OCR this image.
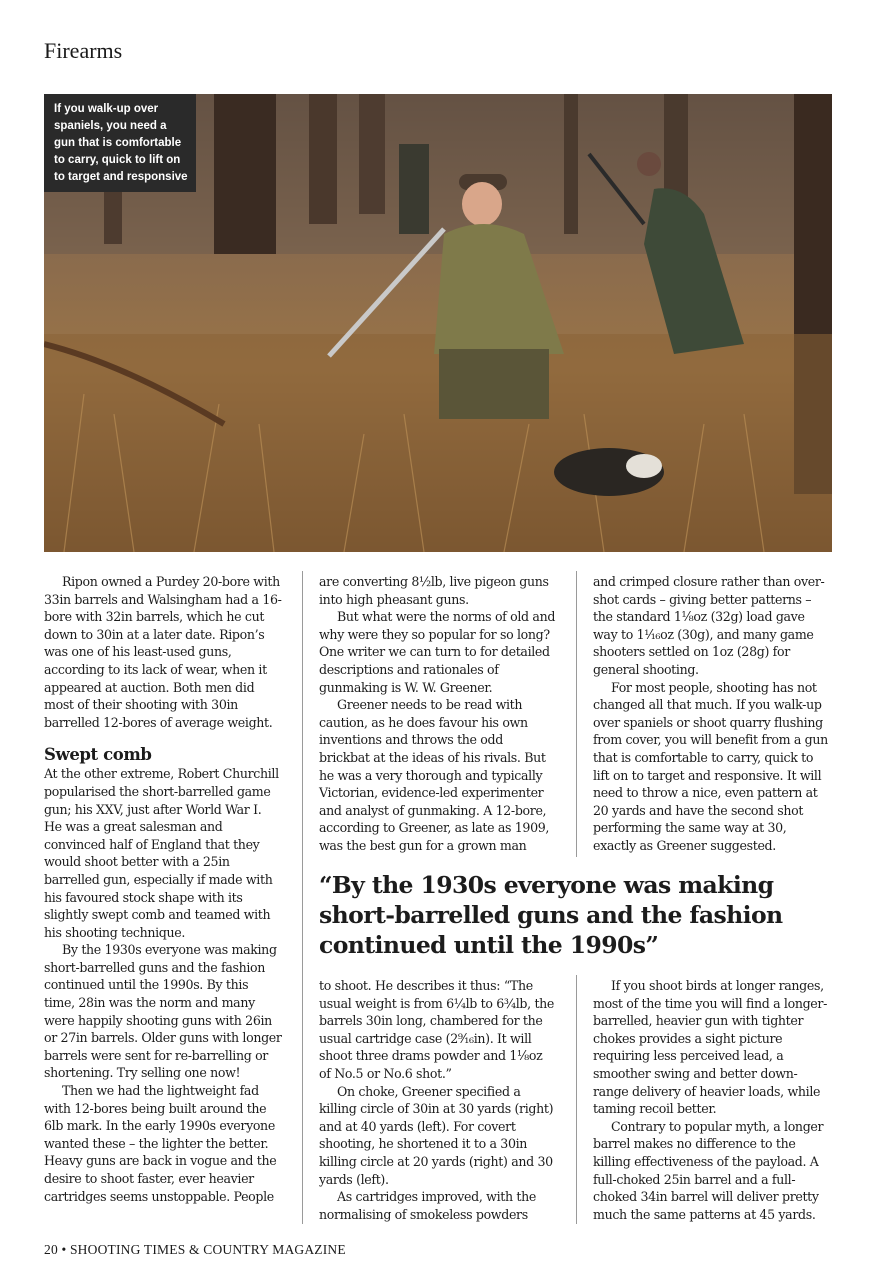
Firearms
If you walk-up over spaniels, you need a gun that is comfortable to carry, quick to lift on to target and responsive

Ripon owned a Purdey 20-bore with 33in barrels and Walsingham had a 16-bore with 32in barrels, which he cut down to 30in at a later date. Ripon’s was one of his least-used guns, according to its lack of wear, when it appeared at auction. Both men did most of their shooting with 30in barrelled 12-bores of average weight.

Swept comb

At the other extreme, Robert Churchill popularised the short-barrelled game gun; his XXV, just after World War I. He was a great salesman and convinced half of England that they would shoot better with a 25in barrelled gun, especially if made with his favoured stock shape with its slightly swept comb and teamed with his shooting technique.

By the 1930s everyone was making short-barrelled guns and the fashion continued until the 1990s. By this time, 28in was the norm and many were happily shooting guns with 26in or 27in barrels. Older guns with longer barrels were sent for re-barrelling or shortening. Try selling one now!

Then we had the lightweight fad with 12-bores being built around the 6lb mark. In the early 1990s everyone wanted these – the lighter the better. Heavy guns are back in vogue and the desire to shoot faster, ever heavier cartridges seems unstoppable. People

are converting 8½lb, live pigeon guns into high pheasant guns.

But what were the norms of old and why were they so popular for so long? One writer we can turn to for detailed descriptions and rationales of gunmaking is W. W. Greener.

Greener needs to be read with caution, as he does favour his own inventions and throws the odd brickbat at the ideas of his rivals. But he was a very thorough and typically Victorian, evidence-led experimenter and analyst of gunmaking. A 12-bore, according to Greener, as late as 1909, was the best gun for a grown man

and crimped closure rather than over-shot cards – giving better patterns – the standard 1⅛oz (32g) load gave way to 1¹⁄₁₆oz (30g), and many game shooters settled on 1oz (28g) for general shooting.

For most people, shooting has not changed all that much. If you walk-up over spaniels or shoot quarry flushing from cover, you will benefit from a gun that is comfortable to carry, quick to lift on to target and responsive. It will need to throw a nice, even pattern at 20 yards and have the second shot performing the same way at 30, exactly as Greener suggested.

“By the 1930s everyone was making short-barrelled guns and the fashion continued until the 1990s”

to shoot. He describes it thus: “The usual weight is from 6¼lb to 6¾lb, the barrels 30in long, chambered for the usual cartridge case (2⁹⁄₁₆in). It will shoot three drams powder and 1⅛oz of No.5 or No.6 shot.”

On choke, Greener specified a killing circle of 30in at 30 yards (right) and at 40 yards (left). For covert shooting, he shortened it to a 30in killing circle at 20 yards (right) and 30 yards (left).

As cartridges improved, with the normalising of smokeless powders

If you shoot birds at longer ranges, most of the time you will find a longer-barrelled, heavier gun with tighter chokes provides a sight picture requiring less perceived lead, a smoother swing and better down-range delivery of heavier loads, while taming recoil better.

Contrary to popular myth, a longer barrel makes no difference to the killing effectiveness of the payload. A full-choked 25in barrel and a full-choked 34in barrel will deliver pretty much the same patterns at 45 yards.

20 • SHOOTING TIMES & COUNTRY MAGAZINE
